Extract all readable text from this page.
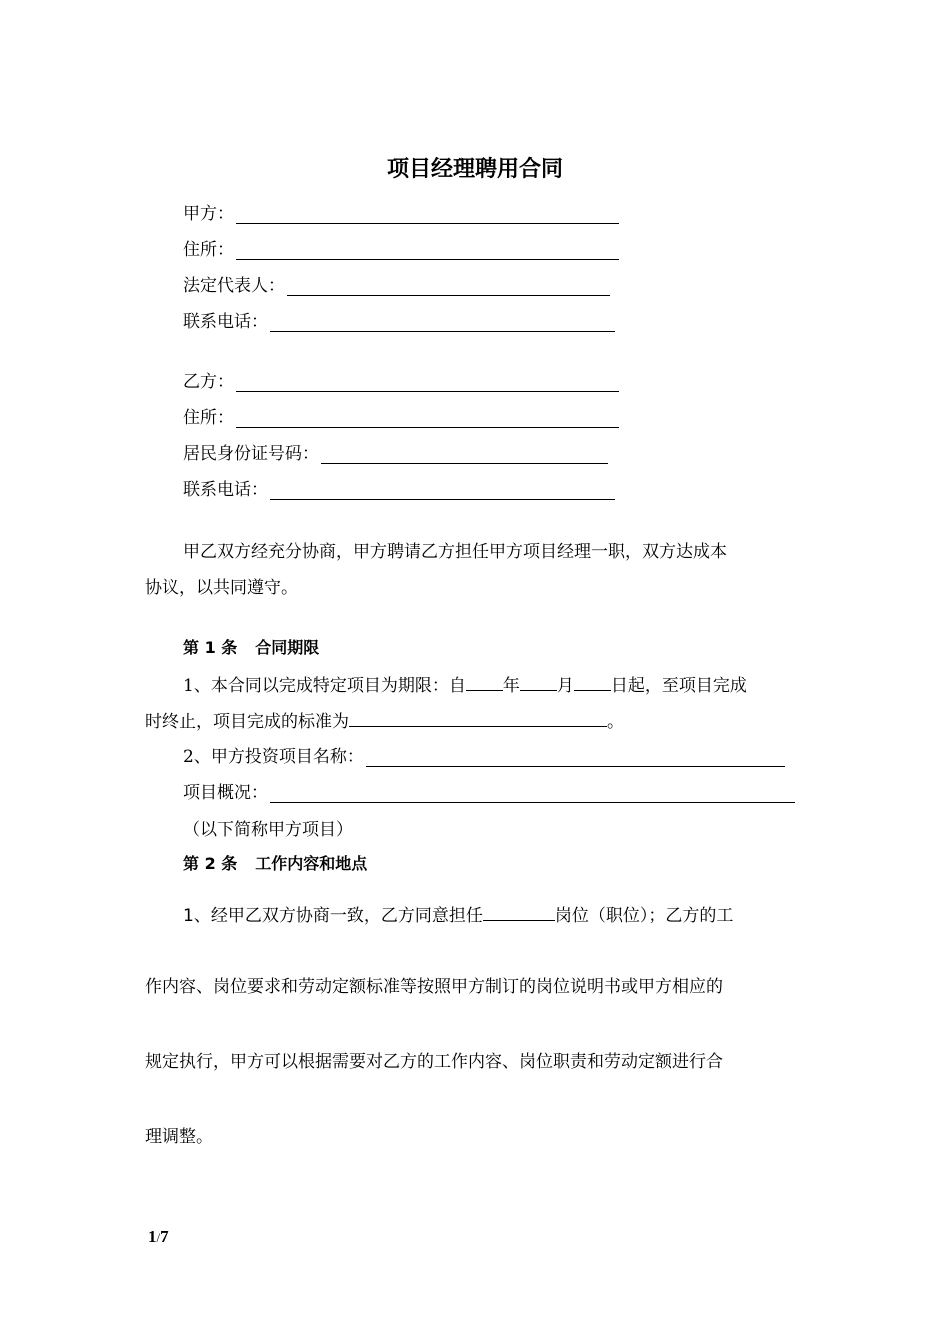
项目经理聘用合同
甲方：
住所：
法定代表人：
联系电话：
乙方：
住所：
居民身份证号码：
联系电话：
甲乙双方经充分协商，甲方聘请乙方担任甲方项目经理一职，双方达成本
协议，以共同遵守。
第 1 条 合同期限
1、本合同以完成特定项目为期限：自 年 月 日起，至项目完成
时终止，项目完成的标准为	。
2、甲方投资项目名称：
项目概况：
（以下简称甲方项目）
第 2 条 工作内容和地点
1、经甲乙双方协商一致，乙方同意担任	岗位（职位）；乙方的工
作内容、岗位要求和劳动定额标准等按照甲方制订的岗位说明书或甲方相应的
规定执行，甲方可以根据需要对乙方的工作内容、岗位职责和劳动定额进行合
理调整。
1/7
